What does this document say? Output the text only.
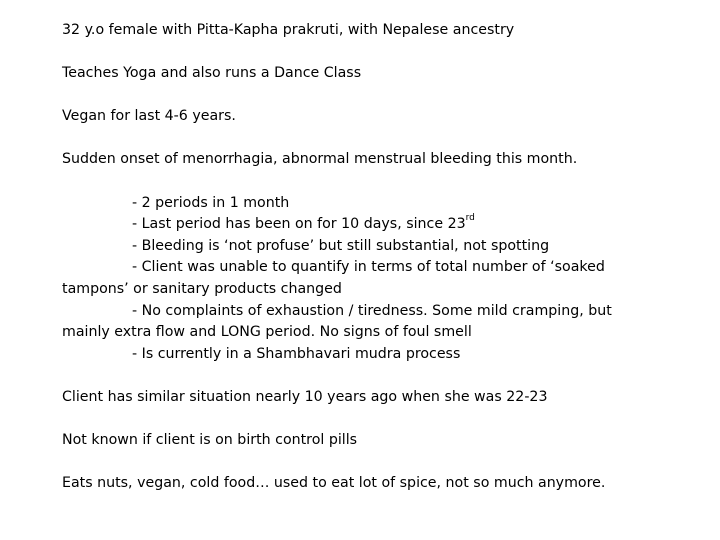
32 y.o female with Pitta-Kapha prakruti, with Nepalese ancestry
Teaches Yoga and also runs a Dance Class
Vegan for last 4-6 years.
Sudden onset of menorrhagia, abnormal menstrual bleeding this month.
- 2 periods in 1 month
- Last period has been on for 10 days, since 23rd
- Bleeding is ‘not profuse’ but still substantial, not spotting
- Client was unable to quantify in terms of total number of ‘soaked
tampons’ or sanitary products changed
- No complaints of exhaustion / tiredness. Some mild cramping, but
mainly extra flow and LONG period. No signs of foul smell
- Is currently in a Shambhavari mudra process
Client has similar situation nearly 10 years ago when she was 22-23
Not known if client is on birth control pills
Eats nuts, vegan, cold food… used to eat lot of spice, not so much anymore.
